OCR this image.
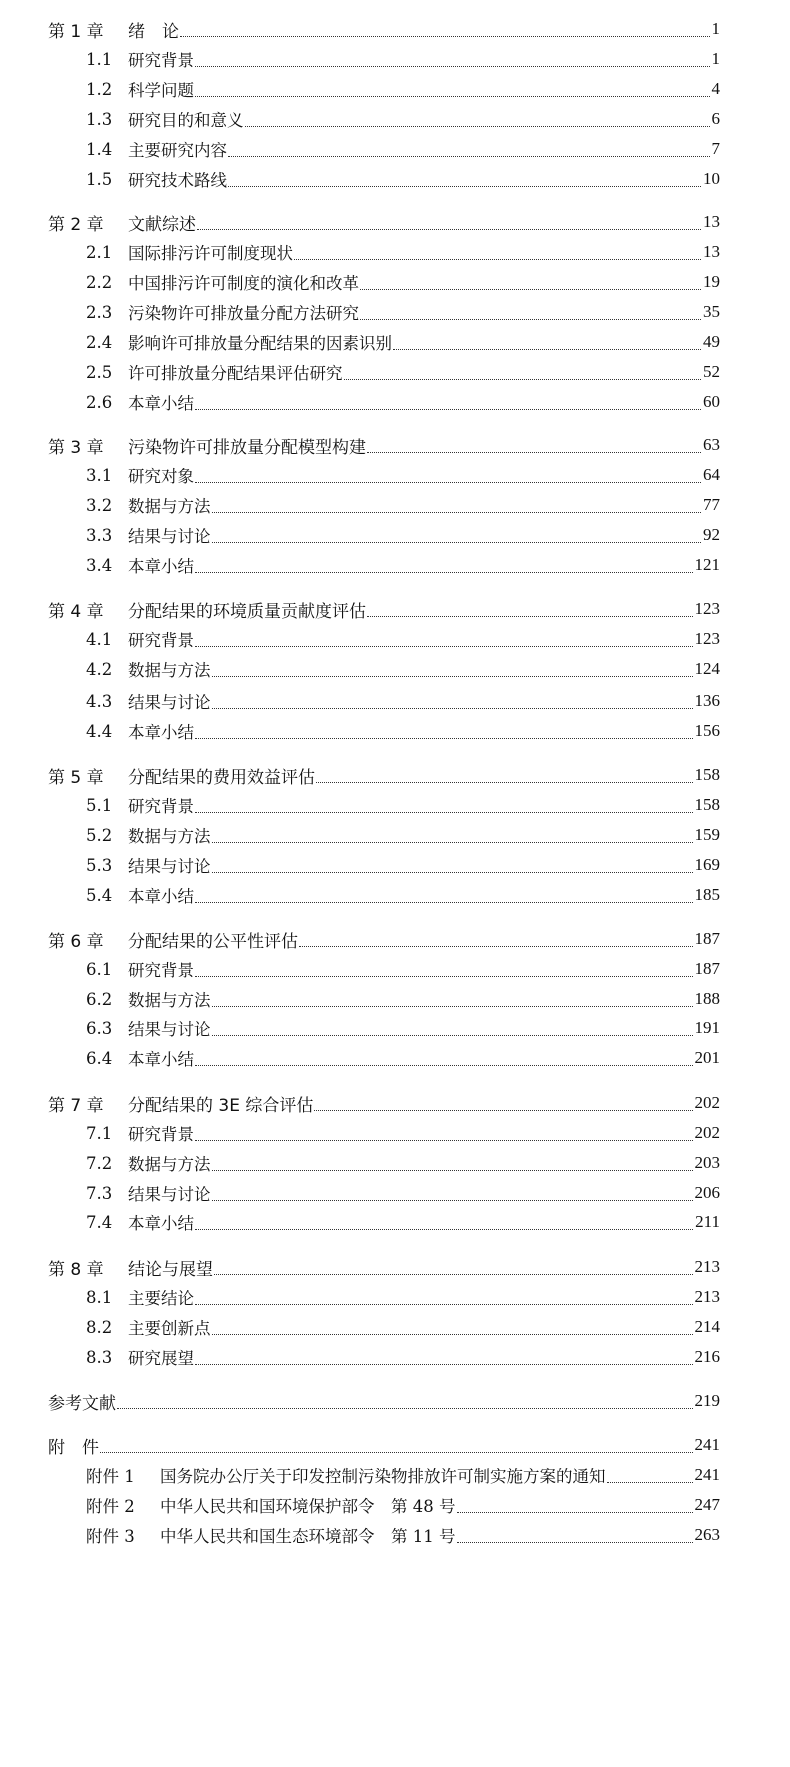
第 1 章	绪　论	1
1.1 研究背景	1
1.2 科学问题	4
1.3 研究目的和意义	6
1.4 主要研究内容	7
1.5 研究技术路线	10
第 2 章	文献综述	13
2.1 国际排污许可制度现状	13
2.2 中国排污许可制度的演化和改革	19
2.3 污染物许可排放量分配方法研究	35
2.4 影响许可排放量分配结果的因素识别	49
2.5 许可排放量分配结果评估研究	52
2.6 本章小结	60
第 3 章	污染物许可排放量分配模型构建	63
3.1 研究对象	64
3.2 数据与方法	77
3.3 结果与讨论	92
3.4 本章小结	121
第 4 章	分配结果的环境质量贡献度评估	123
4.1 研究背景	123
4.2 数据与方法	124
4.3 结果与讨论	136
4.4 本章小结	156
第 5 章	分配结果的费用效益评估	158
5.1 研究背景	158
5.2 数据与方法	159
5.3 结果与讨论	169
5.4 本章小结	185
第 6 章	分配结果的公平性评估	187
6.1 研究背景	187
6.2 数据与方法	188
6.3 结果与讨论	191
6.4 本章小结	201
第 7 章	分配结果的 3E 综合评估	202
7.1 研究背景	202
7.2 数据与方法	203
7.3 结果与讨论	206
7.4 本章小结	211
第 8 章	结论与展望	213
8.1 主要结论	213
8.2 主要创新点	214
8.3 研究展望	216
参考文献	219
附　件	241
附件 1	国务院办公厅关于印发控制污染物排放许可制实施方案的通知	241
附件 2	中华人民共和国环境保护部令　第 48 号	247
附件 3	中华人民共和国生态环境部令　第 11 号	263
